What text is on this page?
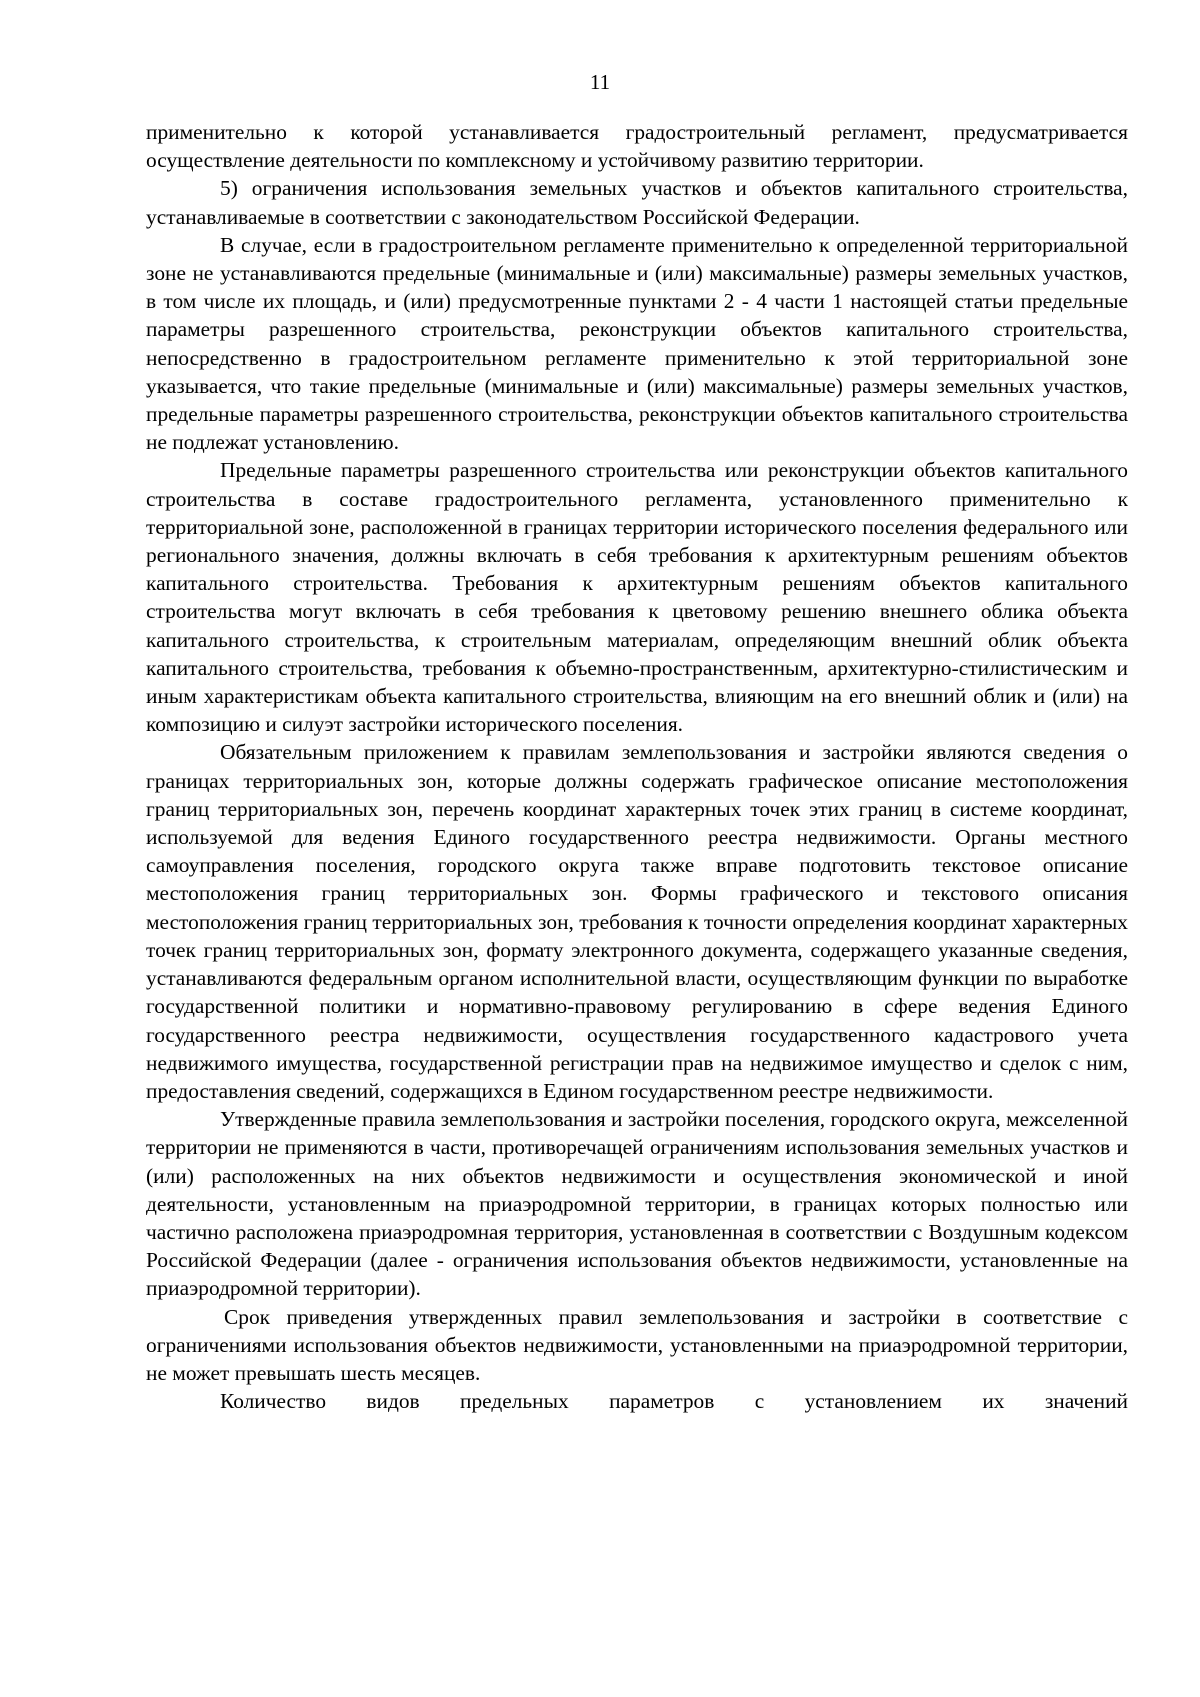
11

применительно к которой устанавливается градостроительный регламент, предусматривается осуществление деятельности по комплексному и устойчивому развитию территории.

5) ограничения использования земельных участков и объектов капитального строительства, устанавливаемые в соответствии с законодательством Российской Федерации.

В случае, если в градостроительном регламенте применительно к определенной территориальной зоне не устанавливаются предельные (минимальные и (или) максимальные) размеры земельных участков, в том числе их площадь, и (или) предусмотренные пунктами 2 - 4 части 1 настоящей статьи предельные параметры разрешенного строительства, реконструкции объектов капитального строительства, непосредственно в градостроительном регламенте применительно к этой территориальной зоне указывается, что такие предельные (минимальные и (или) максимальные) размеры земельных участков, предельные параметры разрешенного строительства, реконструкции объектов капитального строительства не подлежат установлению.

Предельные параметры разрешенного строительства или реконструкции объектов капитального строительства в составе градостроительного регламента, установленного применительно к территориальной зоне, расположенной в границах территории исторического поселения федерального или регионального значения, должны включать в себя требования к архитектурным решениям объектов капитального строительства. Требования к архитектурным решениям объектов капитального строительства могут включать в себя требования к цветовому решению внешнего облика объекта капитального строительства, к строительным материалам, определяющим внешний облик объекта капитального строительства, требования к объемно-пространственным, архитектурно-стилистическим и иным характеристикам объекта капитального строительства, влияющим на его внешний облик и (или) на композицию и силуэт застройки исторического поселения.

Обязательным приложением к правилам землепользования и застройки являются сведения о границах территориальных зон, которые должны содержать графическое описание местоположения границ территориальных зон, перечень координат характерных точек этих границ в системе координат, используемой для ведения Единого государственного реестра недвижимости. Органы местного самоуправления поселения, городского округа также вправе подготовить текстовое описание местоположения границ территориальных зон. Формы графического и текстового описания местоположения границ территориальных зон, требования к точности определения координат характерных точек границ территориальных зон, формату электронного документа, содержащего указанные сведения, устанавливаются федеральным органом исполнительной власти, осуществляющим функции по выработке государственной политики и нормативно-правовому регулированию в сфере ведения Единого государственного реестра недвижимости, осуществления государственного кадастрового учета недвижимого имущества, государственной регистрации прав на недвижимое имущество и сделок с ним, предоставления сведений, содержащихся в Едином государственном реестре недвижимости.

Утвержденные правила землепользования и застройки поселения, городского округа, межселенной территории не применяются в части, противоречащей ограничениям использования земельных участков и (или) расположенных на них объектов недвижимости и осуществления экономической и иной деятельности, установленным на приаэродромной территории, в границах которых полностью или частично расположена приаэродромная территория, установленная в соответствии с Воздушным кодексом Российской Федерации (далее - ограничения использования объектов недвижимости, установленные на приаэродромной территории).

Срок приведения утвержденных правил землепользования и застройки в соответствие с ограничениями использования объектов недвижимости, установленными на приаэродромной территории, не может превышать шесть месяцев.

Количество видов предельных параметров с установлением их значений
